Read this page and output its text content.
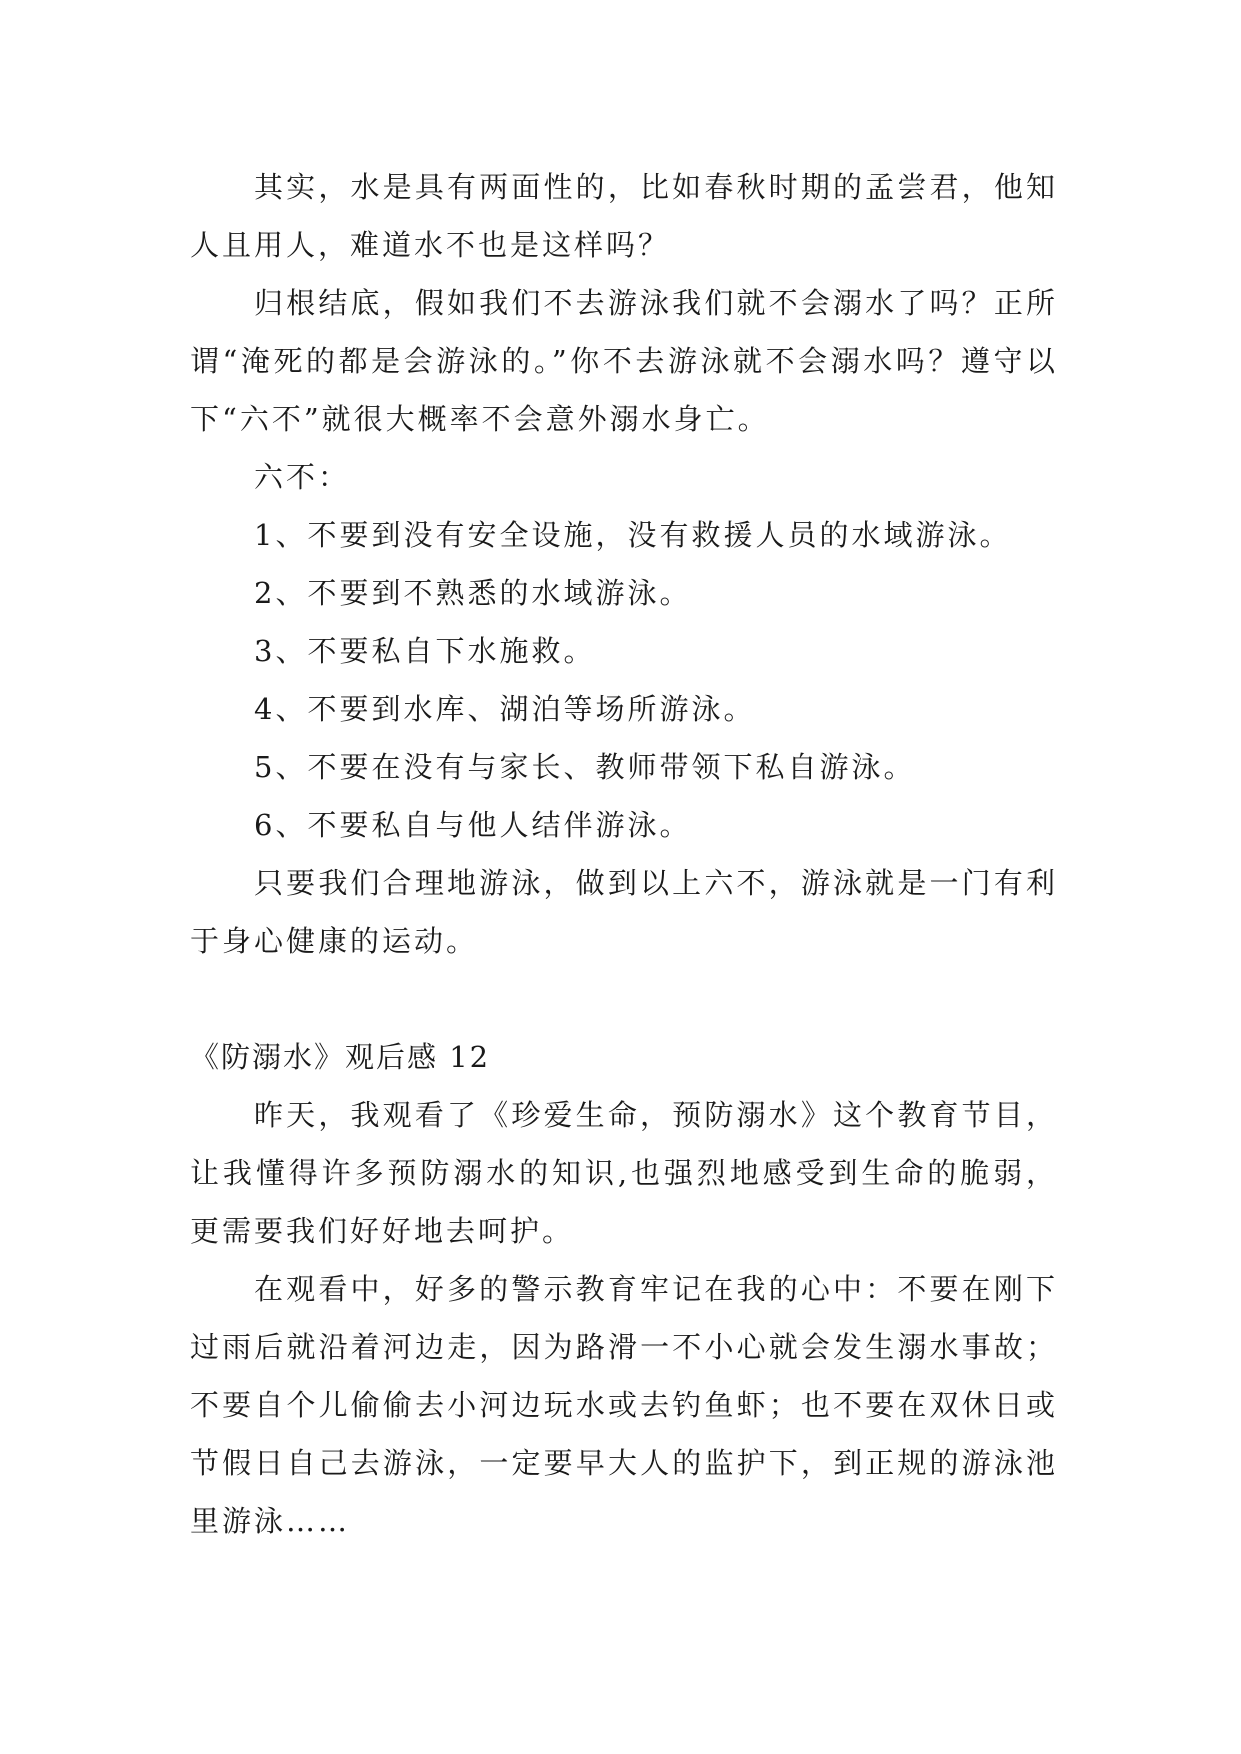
其实，水是具有两面性的，比如春秋时期的孟尝君，他知人且用人，难道水不也是这样吗？

归根结底，假如我们不去游泳我们就不会溺水了吗？正所谓“淹死的都是会游泳的。”你不去游泳就不会溺水吗？遵守以下“六不”就很大概率不会意外溺水身亡。

六不：

1、不要到没有安全设施，没有救援人员的水域游泳。

2、不要到不熟悉的水域游泳。

3、不要私自下水施救。

4、不要到水库、湖泊等场所游泳。

5、不要在没有与家长、教师带领下私自游泳。

6、不要私自与他人结伴游泳。

只要我们合理地游泳，做到以上六不，游泳就是一门有利于身心健康的运动。

《防溺水》观后感 12

昨天，我观看了《珍爱生命，预防溺水》这个教育节目，让我懂得许多预防溺水的知识,也强烈地感受到生命的脆弱，更需要我们好好地去呵护。

在观看中，好多的警示教育牢记在我的心中：不要在刚下过雨后就沿着河边走，因为路滑一不小心就会发生溺水事故；不要自个儿偷偷去小河边玩水或去钓鱼虾；也不要在双休日或节假日自己去游泳，一定要早大人的监护下，到正规的游泳池里游泳……
